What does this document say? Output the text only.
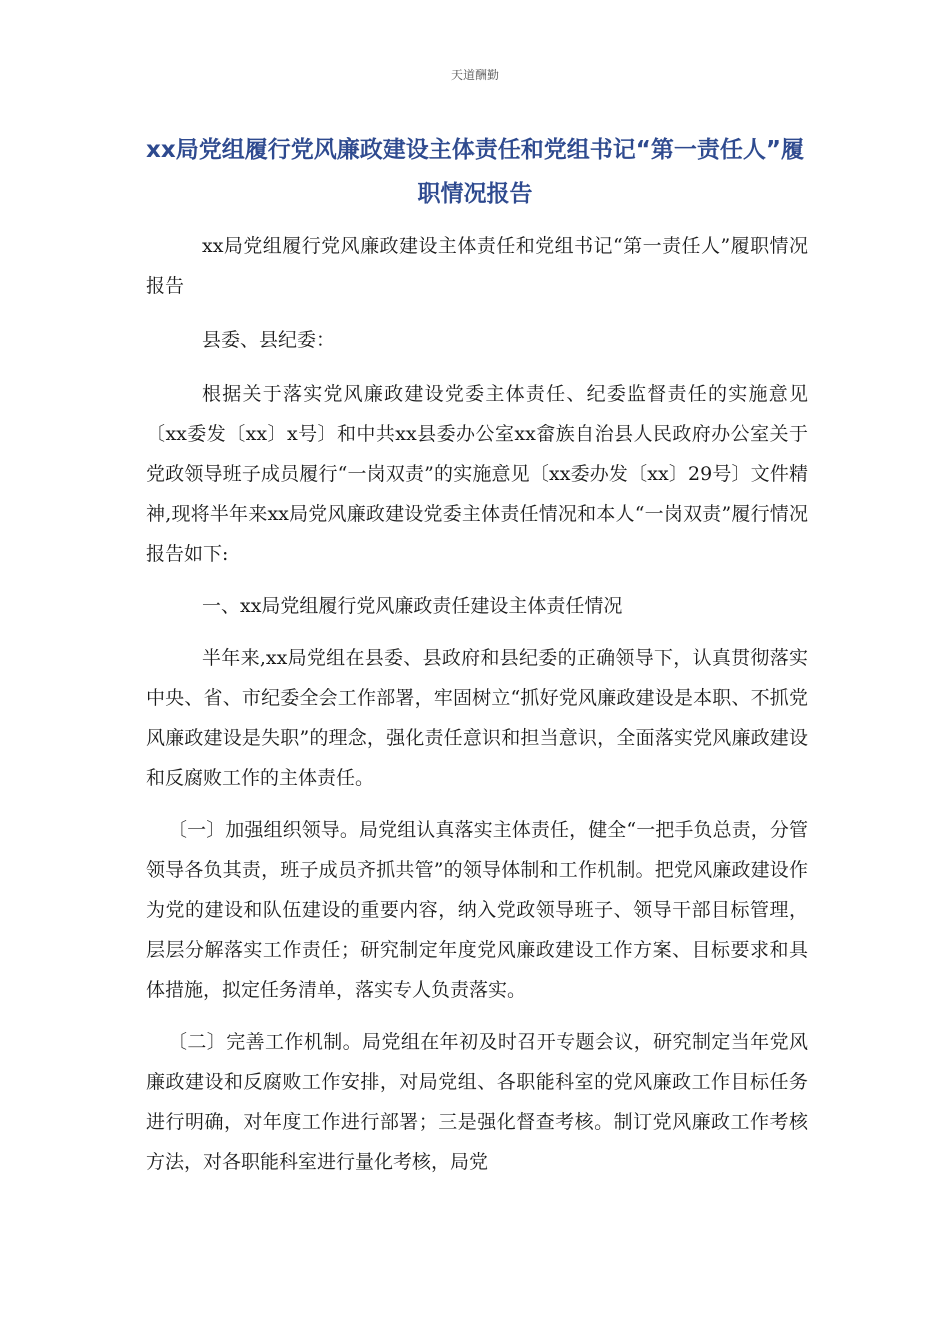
天道酬勤
xx局党组履行党风廉政建设主体责任和党组书记“第一责任人”履职情况报告

xx局党组履行党风廉政建设主体责任和党组书记“第一责任人”履职情况报告

县委、县纪委：

根据关于落实党风廉政建设党委主体责任、纪委监督责任的实施意见〔xx委发〔xx〕x号〕和中共xx县委办公室xx畲族自治县人民政府办公室关于党政领导班子成员履行“一岗双责”的实施意见〔xx委办发〔xx〕29号〕文件精神,现将半年来xx局党风廉政建设党委主体责任情况和本人“一岗双责”履行情况报告如下:

一、xx局党组履行党风廉政责任建设主体责任情况

半年来,xx局党组在县委、县政府和县纪委的正确领导下，认真贯彻落实中央、省、市纪委全会工作部署，牢固树立“抓好党风廉政建设是本职、不抓党风廉政建设是失职”的理念，强化责任意识和担当意识，全面落实党风廉政建设和反腐败工作的主体责任。

〔一〕加强组织领导。局党组认真落实主体责任，健全“一把手负总责，分管领导各负其责，班子成员齐抓共管”的领导体制和工作机制。把党风廉政建设作为党的建设和队伍建设的重要内容，纳入党政领导班子、领导干部目标管理，层层分解落实工作责任；研究制定年度党风廉政建设工作方案、目标要求和具体措施，拟定任务清单，落实专人负责落实。

〔二〕完善工作机制。局党组在年初及时召开专题会议，研究制定当年党风廉政建设和反腐败工作安排，对局党组、各职能科室的党风廉政工作目标任务进行明确，对年度工作进行部署；三是强化督查考核。制订党风廉政工作考核方法，对各职能科室进行量化考核，局党
